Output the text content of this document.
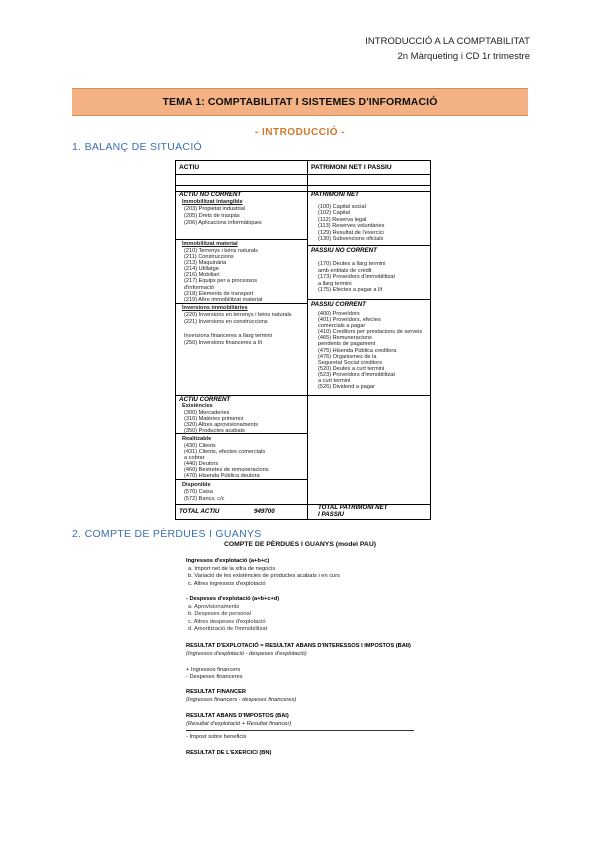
INTRODUCCIÓ A LA COMPTABILITAT
2n Màrqueting i CD 1r trimestre
TEMA 1: COMPTABILITAT I SISTEMES D'INFORMACIÓ
- INTRODUCCIÓ -
1. BALANÇ DE SITUACIÓ
ACTIU	PATRIMONI NET I PASSIU
ACTIU NO CORRENT
Immobilitzat intangible
(203) Propietat industrial
(205) Drets de traspàs
(206) Aplicacions informàtiques
Immobilitzat material
(210) Terrenys i béns naturals
(211) Construccions
(213) Maquinària
(214) Utillatge
(216) Mobiliari
(217) Equips per a processos
d'informació
(218) Elements de transport
(219) Altre immobilitzat material
Inversions immobiliàries
(220) Inversions en terrenys i béns naturals
(221) Inversions en construccions
Inversions financeres a llarg termini
(250) Inversions financeres a l/t
PATRIMONI NET
(100) Capital social
(102) Capital
(112) Reserva legal
(113) Reserves voluntàries
(129) Resultat de l'exercici
(130) Subvencions oficials
PASSIU NO CORRENT
(170) Deutes a llarg termini
amb entitats de crèdit
(173) Proveïdors d'immobilitzat
a llarg termini
(175) Efectes a pagar a l/t
PASSIU CORRENT
(400) Proveïdors
(401) Proveïdors, efectes
comercials a pagar
(410) Creditors per prestacions de serveis
(465) Remuneracions
pendents de pagament
(475) Hisenda Pública creditora
(476) Organismes de la
Seguretat Social creditors
(520) Deutes a curt termini
(523) Proveïdors d'immobilitzat
a curt termini
(526) Dividend a pagar
ACTIU CORRENT
Existències
(300) Mercaderies
(310) Matèries primeres
(320) Altres aprovisionaments
(350) Productes acabats
Realitzable
(430) Clients
(431) Clients, efectes comercials
a cobrar
(440) Deutors
(460) Bestretes de remuneracions
(470) Hisenda Pública deutora
Disponible
(570) Caixa
(572) Bancs, c/c
TOTAL ACTIU	949700
TOTAL PATRIMONI NET
I PASSIU
2. COMPTE DE PÈRDUES I GUANYS
COMPTE DE PÈRDUES I GUANYS (model PAU)
Ingressos d'explotació (a+b+c)
a. Import net de la xifra de negocis
b. Variació de les existències de productes acabats i en curs
c. Altres ingressos d'explotació
- Despeses d'explotació (a+b+c+d)
a. Aprovisionaments
b. Despeses de personal
c. Altres despeses d'explotació
d. Amortització de l'immobilitzat
RESULTAT D'EXPLOTACIÓ = RESULTAT ABANS D'INTERESSOS I IMPOSTOS (BAII)
(Ingressos d'explotació - despeses d'explotació)
+ Ingressos financers
- Despeses financeres
RESULTAT FINANCER
(Ingressos financers - despeses financeres)
RESULTAT ABANS D'IMPOSTOS (BAI)
(Resultat d'explotació + Resultat financer)
- Impost sobre beneficis
RESULTAT DE L'EXERCICI (BN)
